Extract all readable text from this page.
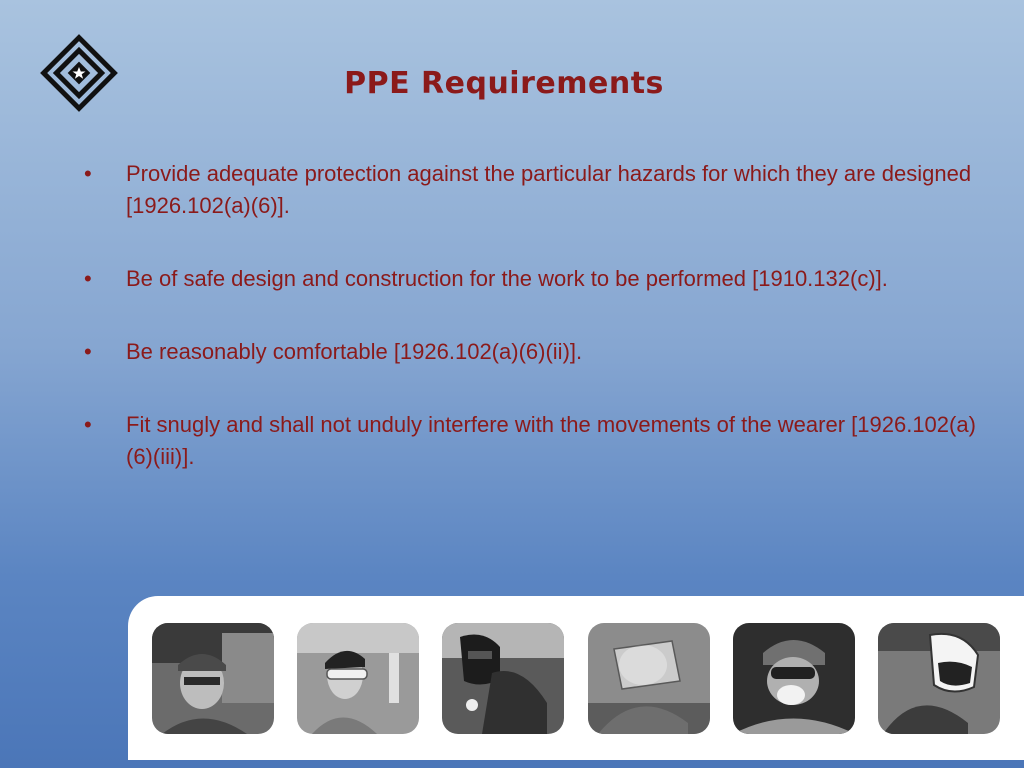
PPE Requirements
• Provide adequate protection against the particular hazards for which they are designed [1926.102(a)(6)].
• Be of safe design and construction for the work to be performed [1910.132(c)].
• Be reasonably comfortable [1926.102(a)(6)(ii)].
• Fit snugly and shall not unduly interfere with the movements of the wearer [1926.102(a)(6)(iii)].
